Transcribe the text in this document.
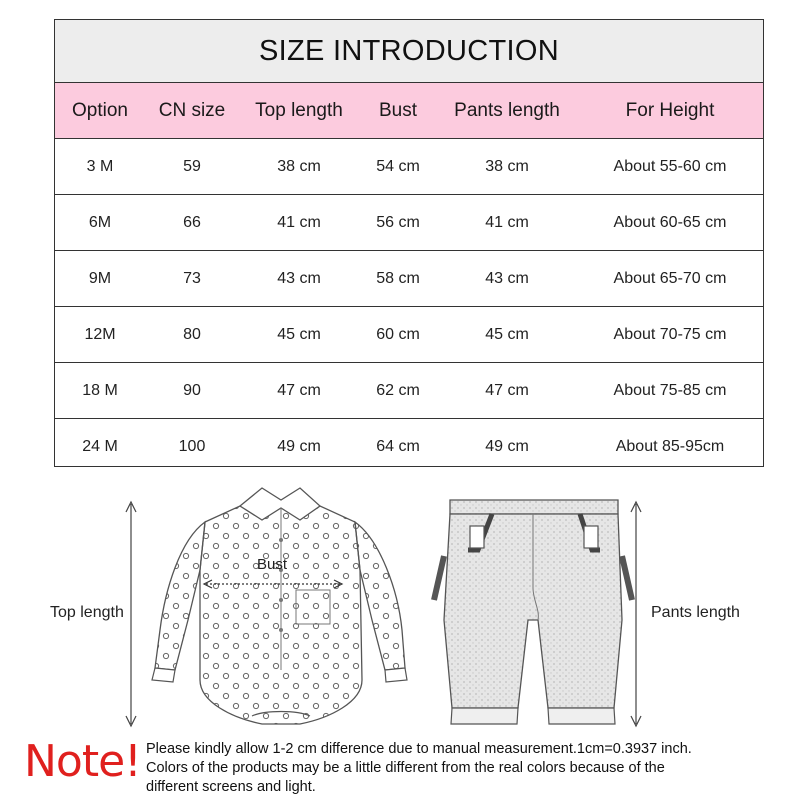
SIZE INTRODUCTION
Option	CN size	Top length	Bust	Pants length	For Height
3 M	59	38 cm	54 cm	38 cm	About 55-60 cm
6M	66	41 cm	56 cm	41 cm	About 60-65 cm
9M	73	43 cm	58 cm	43 cm	About 65-70 cm
12M	80	45 cm	60 cm	45 cm	About 70-75 cm
18 M	90	47 cm	62 cm	47 cm	About 75-85 cm
24 M	100	49 cm	64 cm	49 cm	About 85-95cm
Top length
Bust
Pants length
Note! Please kindly allow 1-2 cm difference due to manual measurement.1cm=0.3937 inch.
Colors of the products may be a little different from the real colors because of the
different screens and light.
